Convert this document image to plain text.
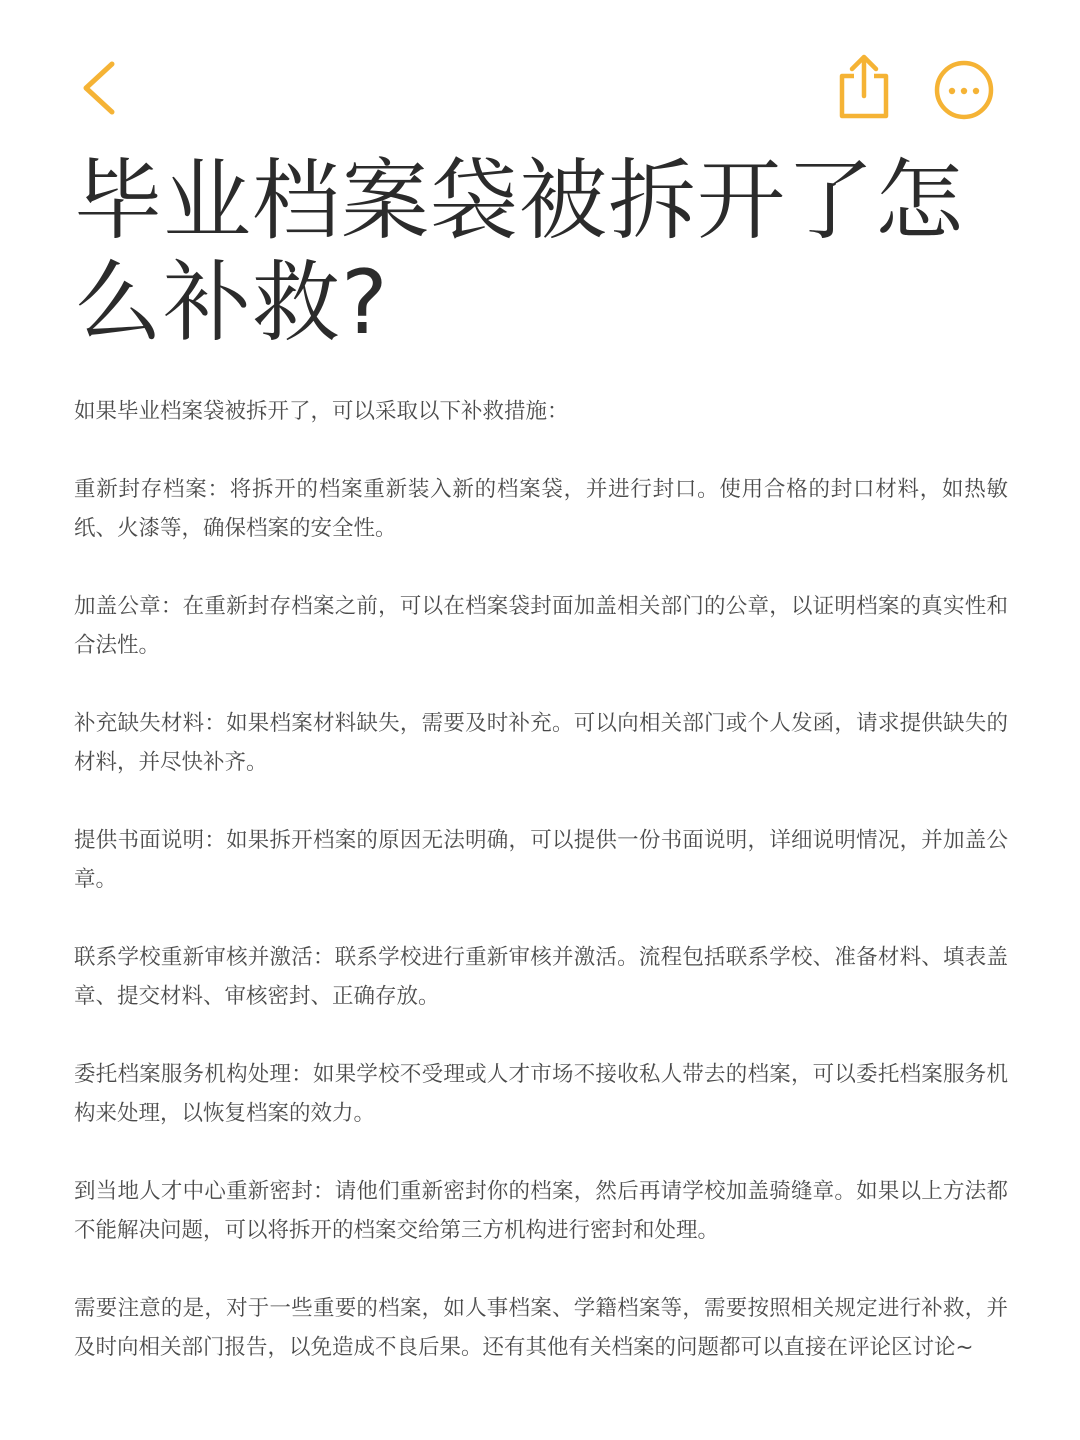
毕业档案袋被拆开了怎么补救?

如果毕业档案袋被拆开了，可以采取以下补救措施：

重新封存档案：将拆开的档案重新装入新的档案袋，并进行封口。使用合格的封口材料，如热敏纸、火漆等，确保档案的安全性。

加盖公章：在重新封存档案之前，可以在档案袋封面加盖相关部门的公章，以证明档案的真实性和合法性。

补充缺失材料：如果档案材料缺失，需要及时补充。可以向相关部门或个人发函，请求提供缺失的材料，并尽快补齐。

提供书面说明：如果拆开档案的原因无法明确，可以提供一份书面说明，详细说明情况，并加盖公章。

联系学校重新审核并激活：联系学校进行重新审核并激活。流程包括联系学校、准备材料、填表盖章、提交材料、审核密封、正确存放。

委托档案服务机构处理：如果学校不受理或人才市场不接收私人带去的档案，可以委托档案服务机构来处理，以恢复档案的效力。

到当地人才中心重新密封：请他们重新密封你的档案，然后再请学校加盖骑缝章。如果以上方法都不能解决问题，可以将拆开的档案交给第三方机构进行密封和处理。

需要注意的是，对于一些重要的档案，如人事档案、学籍档案等，需要按照相关规定进行补救，并及时向相关部门报告，以免造成不良后果。还有其他有关档案的问题都可以直接在评论区讨论~
